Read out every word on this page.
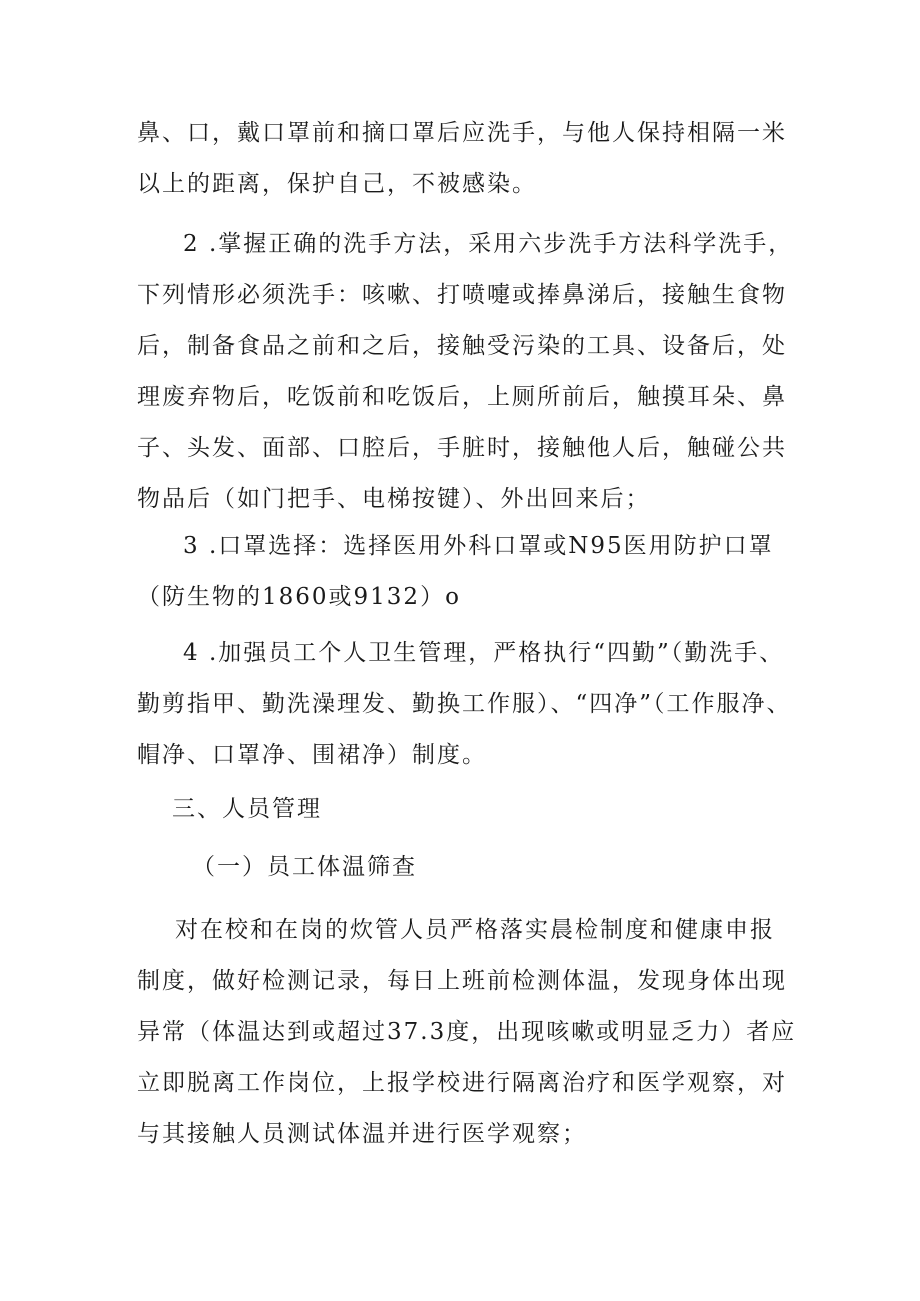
鼻、口，戴口罩前和摘口罩后应洗手，与他人保持相隔一米以上的距离，保护自己，不被感染。

2 .掌握正确的洗手方法，采用六步洗手方法科学洗手，下列情形必须洗手：咳嗽、打喷嚏或捧鼻涕后，接触生食物后，制备食品之前和之后，接触受污染的工具、设备后，处理废弃物后，吃饭前和吃饭后，上厕所前后，触摸耳朵、鼻子、头发、面部、口腔后，手脏时，接触他人后，触碰公共物品后（如门把手、电梯按键）、外出回来后；

3 .口罩选择：选择医用外科口罩或N95医用防护口罩（防生物的1860或9132）o

4 .加强员工个人卫生管理，严格执行“四勤”（勤洗手、勤剪指甲、勤洗澡理发、勤换工作服）、“四净”（工作服净、帽净、口罩净、围裙净）制度。

三、人员管理

（一）员工体温筛查

对在校和在岗的炊管人员严格落实晨检制度和健康申报制度，做好检测记录，每日上班前检测体温，发现身体出现异常（体温达到或超过37.3度，出现咳嗽或明显乏力）者应立即脱离工作岗位，上报学校进行隔离治疗和医学观察，对与其接触人员测试体温并进行医学观察；
